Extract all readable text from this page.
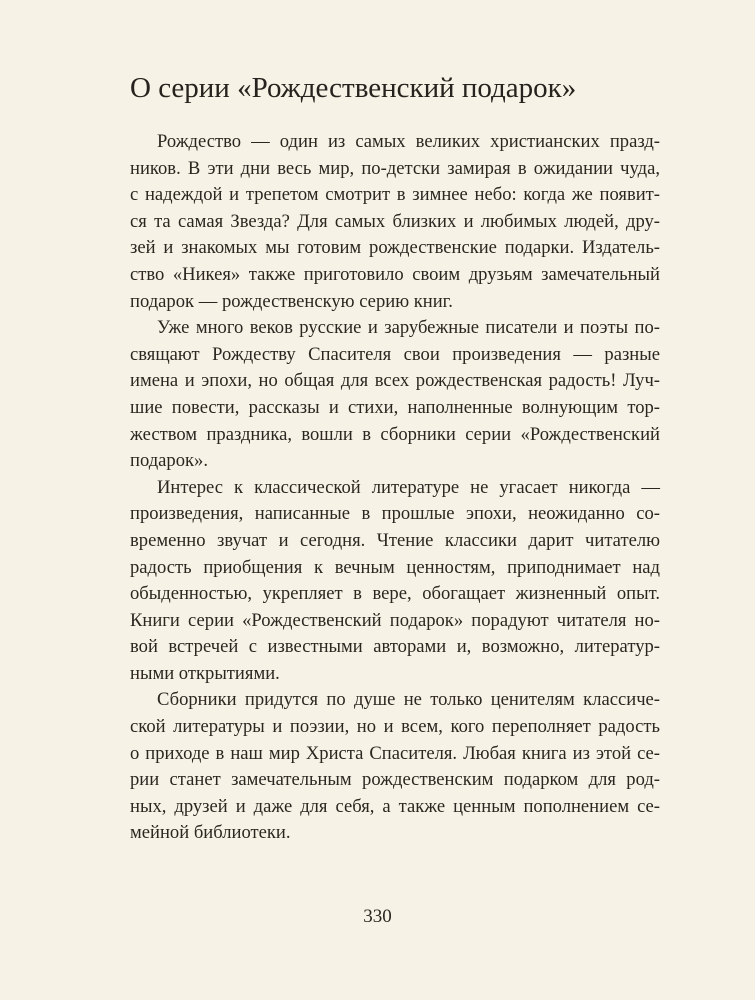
О серии «Рождественский подарок»

Рождество — один из самых великих христианских празд-
ников. В эти дни весь мир, по-детски замирая в ожидании чуда,
с надеждой и трепетом смотрит в зимнее небо: когда же появит-
ся та самая Звезда? Для самых близких и любимых людей, дру-
зей и знакомых мы готовим рождественские подарки. Издатель-
ство «Никея» также приготовило своим друзьям замечательный
подарок — рождественскую серию книг.

Уже много веков русские и зарубежные писатели и поэты по-
свящают Рождеству Спасителя свои произведения — разные
имена и эпохи, но общая для всех рождественская радость! Луч-
шие повести, рассказы и стихи, наполненные волнующим тор-
жеством праздника, вошли в сборники серии «Рождественский
подарок».

Интерес к классической литературе не угасает никогда —
произведения, написанные в прошлые эпохи, неожиданно со-
временно звучат и сегодня. Чтение классики дарит читателю
радость приобщения к вечным ценностям, приподнимает над
обыденностью, укрепляет в вере, обогащает жизненный опыт.
Книги серии «Рождественский подарок» порадуют читателя но-
вой встречей с известными авторами и, возможно, литератур-
ными открытиями.

Сборники придутся по душе не только ценителям классиче-
ской литературы и поэзии, но и всем, кого переполняет радость
о приходе в наш мир Христа Спасителя. Любая книга из этой се-
рии станет замечательным рождественским подарком для род-
ных, друзей и даже для себя, а также ценным пополнением се-
мейной библиотеки.

330
